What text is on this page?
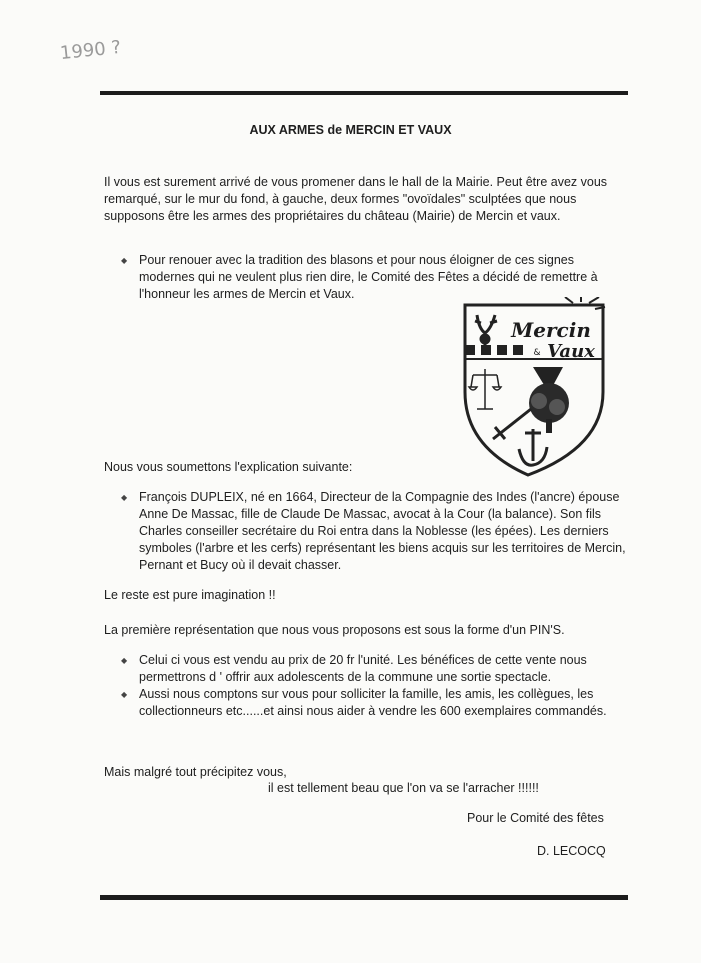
1990 ?
AUX ARMES de MERCIN ET VAUX

Il vous est surement arrivé de vous promener dans le hall de la Mairie. Peut être avez vous remarqué, sur le mur du fond, à gauche, deux formes "ovoïdales" sculptées que nous supposons être les armes des propriétaires du château (Mairie) de Mercin et vaux.

◆ Pour renouer avec la tradition des blasons et pour nous éloigner de ces signes modernes qui ne veulent plus rien dire, le Comité des Fêtes a décidé de remettre à l'honneur les armes de Mercin et Vaux.
Mercin
& Vaux

Nous vous soumettons l'explication suivante:

◆ François DUPLEIX, né en 1664, Directeur de la Compagnie des Indes (l'ancre) épouse Anne De Massac, fille de Claude De Massac, avocat à la Cour (la balance). Son fils Charles conseiller secrétaire du Roi entra dans la Noblesse (les épées). Les derniers symboles (l'arbre et les cerfs) représentant les biens acquis sur les territoires de Mercin, Pernant et Bucy où il devait chasser.

Le reste est pure imagination !!

La première représentation que nous vous proposons est sous la forme d'un PIN'S.

◆ Celui ci vous est vendu au prix de 20 fr l'unité. Les bénéfices de cette vente nous permettrons d ' offrir aux adolescents de la commune une sortie spectacle.
◆ Aussi nous comptons sur vous pour solliciter la famille, les amis, les collègues, les collectionneurs etc......et ainsi nous aider à vendre les 600 exemplaires commandés.

Mais malgré tout précipitez vous,

il est tellement beau que l'on va se l'arracher !!!!!!

Pour le Comité des fêtes

D. LECOCQ
